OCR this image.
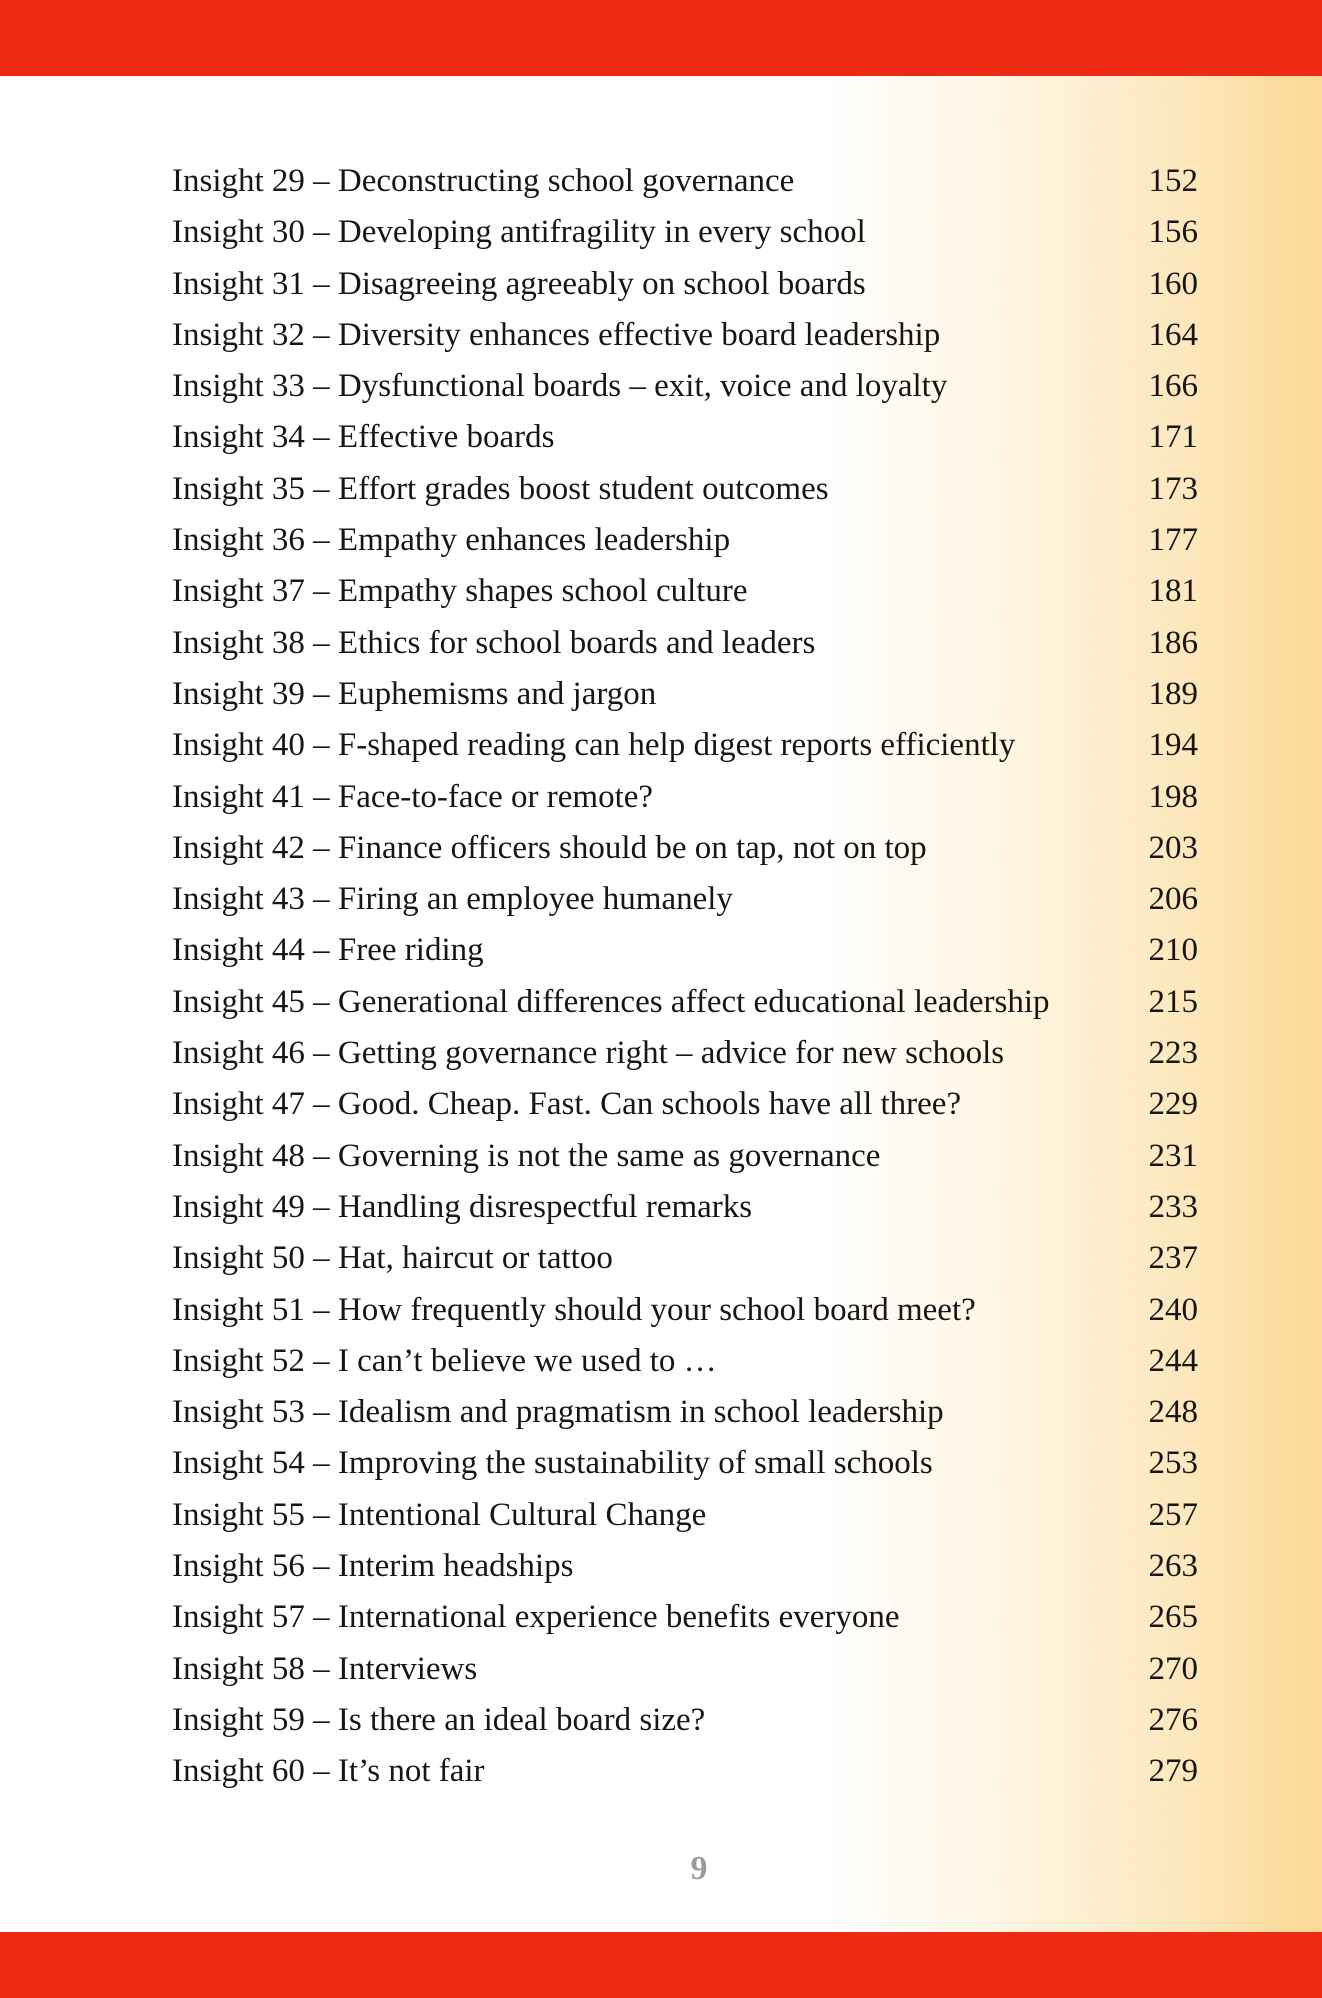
Insight 29 – Deconstructing school governance	152
Insight 30 – Developing antifragility in every school	156
Insight 31 – Disagreeing agreeably on school boards	160
Insight 32 – Diversity enhances effective board leadership	164
Insight 33 – Dysfunctional boards – exit, voice and loyalty	166
Insight 34 – Effective boards	171
Insight 35 – Effort grades boost student outcomes	173
Insight 36 – Empathy enhances leadership	177
Insight 37 – Empathy shapes school culture	181
Insight 38 – Ethics for school boards and leaders	186
Insight 39 – Euphemisms and jargon	189
Insight 40 – F-shaped reading can help digest reports efficiently	194
Insight 41 – Face-to-face or remote?	198
Insight 42 – Finance officers should be on tap, not on top	203
Insight 43 – Firing an employee humanely	206
Insight 44 – Free riding	210
Insight 45 – Generational differences affect educational leadership	215
Insight 46 – Getting governance right – advice for new schools	223
Insight 47 – Good. Cheap. Fast. Can schools have all three?	229
Insight 48 – Governing is not the same as governance	231
Insight 49 – Handling disrespectful remarks	233
Insight 50 – Hat, haircut or tattoo	237
Insight 51 – How frequently should your school board meet?	240
Insight 52 – I can’t believe we used to …	244
Insight 53 – Idealism and pragmatism in school leadership	248
Insight 54 – Improving the sustainability of small schools	253
Insight 55 – Intentional Cultural Change	257
Insight 56 – Interim headships	263
Insight 57 – International experience benefits everyone	265
Insight 58 – Interviews	270
Insight 59 – Is there an ideal board size?	276
Insight 60 – It’s not fair	279
9
